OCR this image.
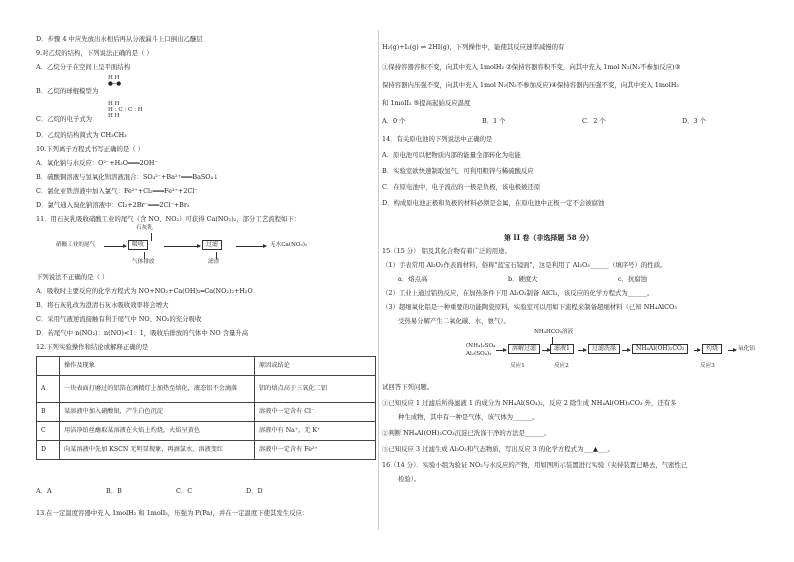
D．步骤 4 中应先放出水相后再从分液漏斗上口倒出乙醚层
9.对乙烷的结构，下列说法正确的是（ ）
A．乙烷分子在空间上呈平面结构
B．乙烷的球棍模型为
H H
●─●
H H
H : C : C : H
H H
C．乙烷的电子式为
D．乙烷的结构简式为 CH₃CH₃
10.下列离子方程式书写正确的是（ ）
A．氧化钠与水反应：O²⁻+H₂O═══2OH⁻
B．硫酸铜溶液与氢氧化钡溶液混合：SO₄²⁻+Ba²⁺═══BaSO₄↓
C．氯化亚铁溶液中加入氯气：Fe²⁺+Cl₂═══Fe³⁺+2Cl⁻
D．氯气通入溴化钠溶液中：Cl₂+2Br⁻═══2Cl⁻+Br₂
11．用石灰乳吸收硝酸工业的尾气（含 NO、NO₂）可获得 Ca(NO₂)₂，部分工艺流程如下：
石灰乳
硝酸工业的尾气	吸收	过滤	无水Ca(NO₂)₂
气体排放	滤渣
下列说法不正确的是（ ）
A．吸收时主要反应的化学方程式为 NO+NO₂+Ca(OH)₂═Ca(NO₂)₂+H₂O
B．将石灰乳改为澄清石灰水吸收效率将会增大
C．采用气液逆流接触有利于尾气中 NO、NO₂的充分吸收
D．若尾气中 n(NO₂)：n(NO)<1：1，吸收后排放的气体中 NO 含量升高
12.下列实验操作和结论或解释正确的是
	操作及现象	原因或结论
A	一块表面打磨过的铝箔在酒精灯上加热至熔化，液态铝不会滴落	铝的熔点高于三氧化二铝
B	某溶液中加入硝酸银，产生白色沉淀	溶液中一定含有 Cl⁻
C	用洁净铂丝蘸取某溶液在火焰上灼烧，火焰呈黄色	溶液中有 Na⁺，无 K⁺
D	向某溶液中先加 KSCN 无明显现象，再滴氯水，溶液变红	溶液中一定含有 Fe²⁺
A．A	B．B	C．C	D．D
13.在一定温度容器中充入 1molH₂ 和 1molI₂，压强为 P(Pa)，并在一定温度下使其发生反应：
H₂(g)+I₂(g) ⇌ 2HI(g)，下列操作中，能使其反应速率减慢的有
①保持容器容积不变，向其中充入 1molH₂ ②保持容器容积不变，向其中充入 1mol N₂(N₂不参加反应)③
保持容器内压强不变，向其中充入 1mol N₂(N₂不参加反应)④保持容器内压强不变，向其中充入 1molH₂
和 1molI₂ ⑤提高起始反应温度
A．0 个	B．1 个	C．2 个	D．3 个
14．有关原电池的下列说法中正确的是
A．原电池可以把物质内部的能量全部转化为电能
B．实验室欲快速制取氢气，可利用粗锌与稀硫酸反应
C．在原电池中，电子流出的一极是负极，该电极被还原
D．构成原电池正极和负极的材料必须是金属，在原电池中正极一定不会被腐蚀
第 II 卷（非选择题 58 分）
15（15 分） 铝及其化合物有着广泛的用途。
（1）手表常用 Al₂O₃作表面材料，俗称"蓝宝石镜面"，这是利用了 Al₂O₃______（填序号）的性质。
a．熔点高	b．硬度大	c．抗腐蚀
（2）工业上通过铝热反应，在加热条件下用 Al₂O₃制备 AlCl₃，该反应的化学方程式为______。
（3）超细氧化铝是一种重要的功能陶瓷原料，实验室可以用如下流程来制备超细材料（已知 NH₄AlCO₃
受热易分解产生二氧化碳、水、氨气）。
NH₄HCO₃溶液
(NH₄)₂SO₄
Al₂(SO₄)₃
溶解过滤	滤液1	过滤洗涤	NH₄Al(OH)₂CO₃	灼烧	氧化铝
反应1	反应2	反应3
试回答下列问题。
①已知反应 1 过滤后所得滤液 1 的成分为 NH₄Al(SO₄)₂，反应 2 除生成 NH₄Al(OH)₂CO₃ 外，还有多
种生成物，其中有一种是气体，该气体为______。
②判断 NH₄Al(OH)₂CO₃沉淀已洗涤干净的方法是______。
③已知反应 3 过滤生成 Al₂O₃和气态物质，写出反应 3 的化学方程式为___▲___。
16（14 分）．实验小组为验证 NO₂与水反应的产物，用如图所示装置进行实验（夹持装置已略去，气密性已
检验）。
